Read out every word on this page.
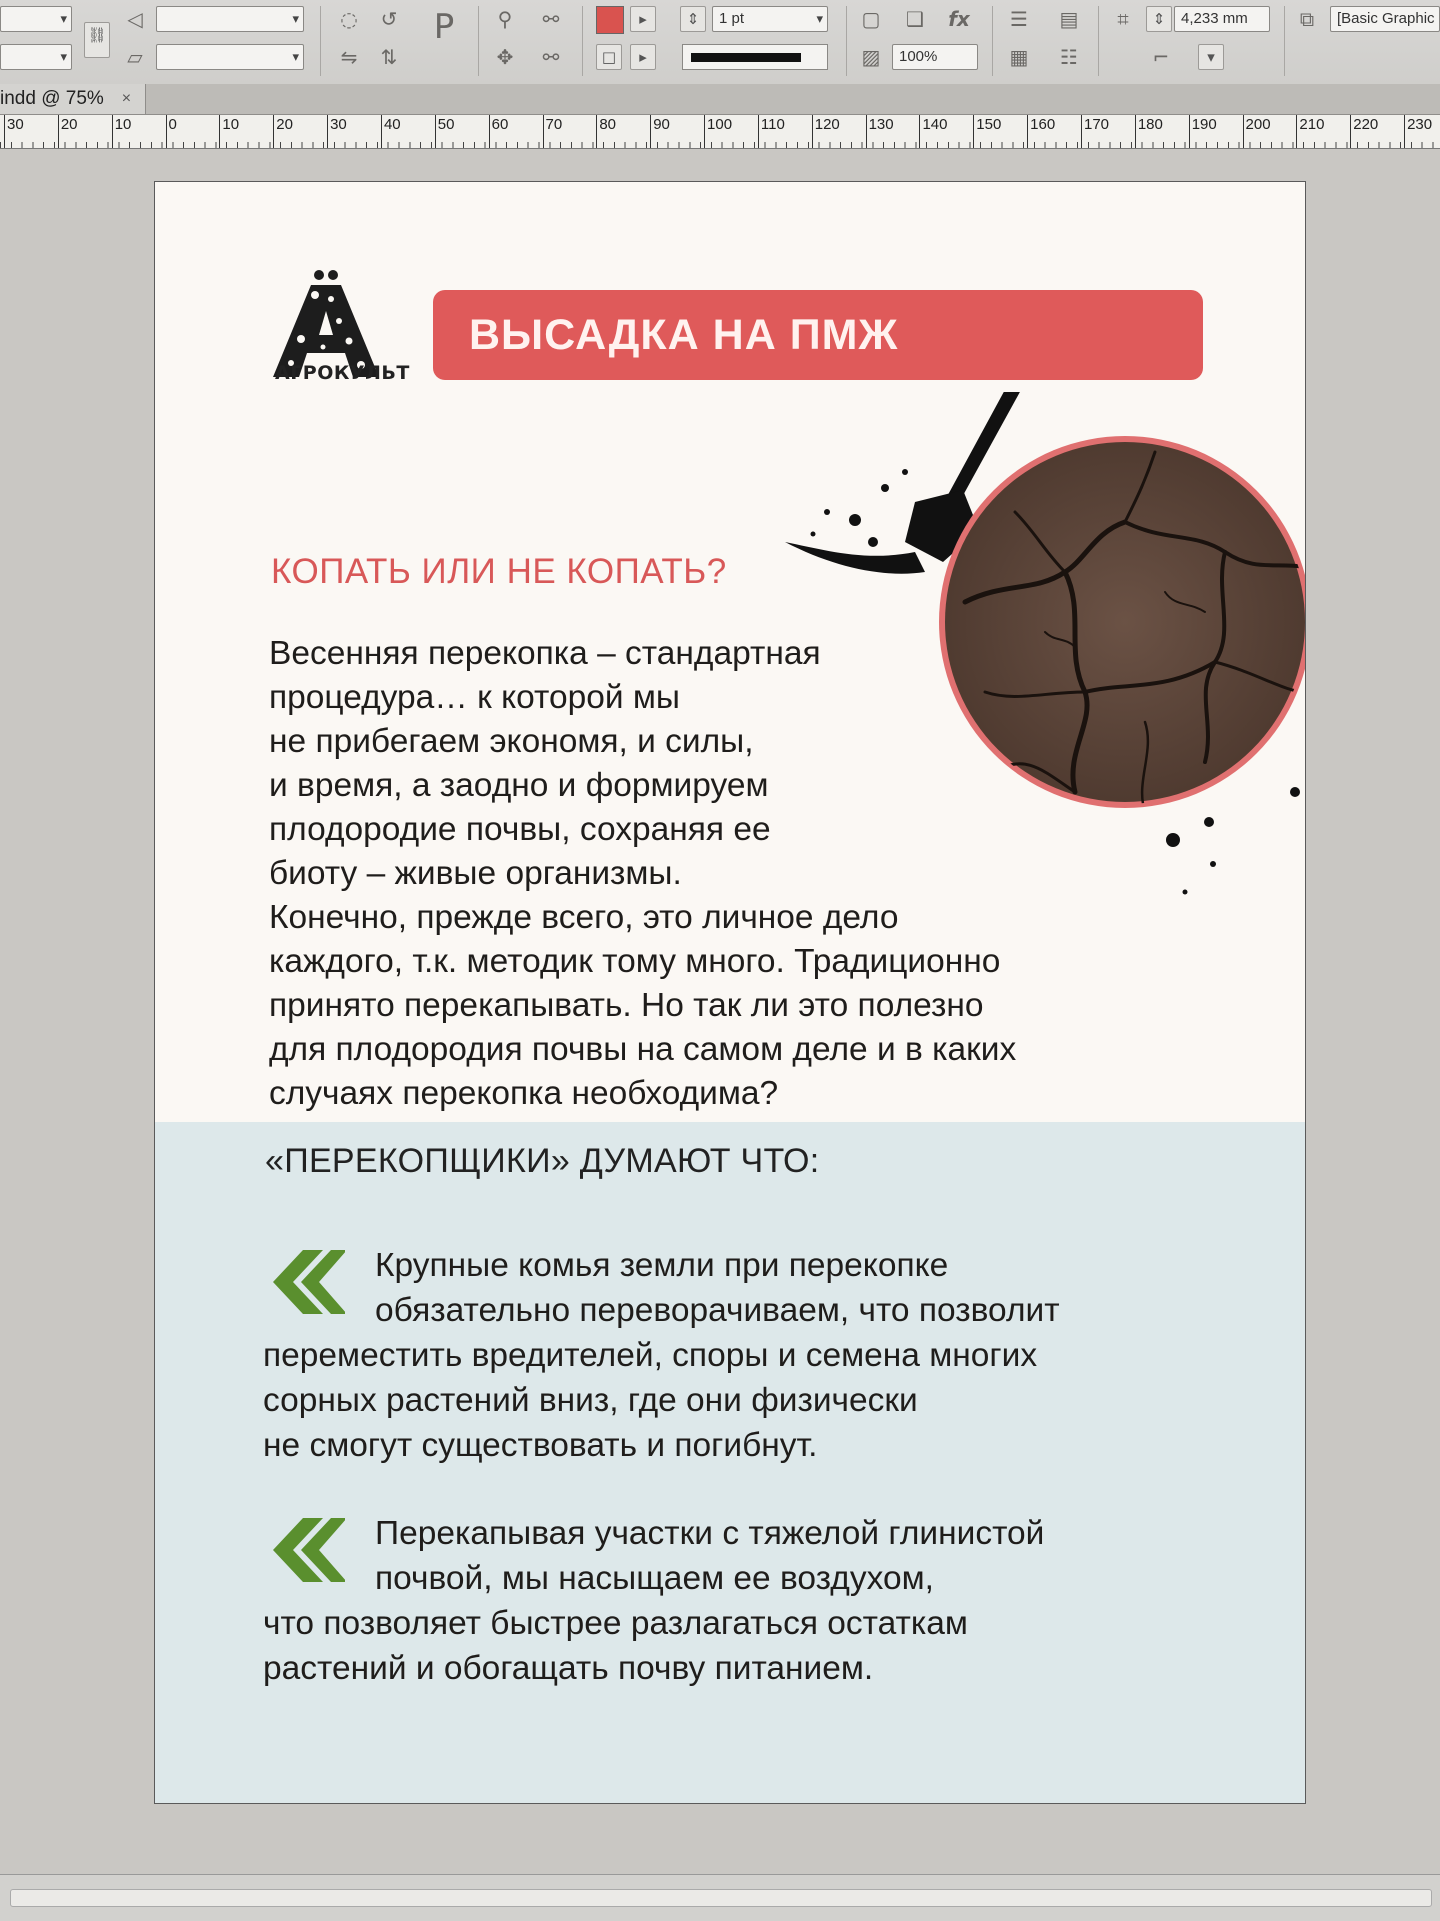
▾
▾
⛓
◁
▾
▱
▾
◌	↺ P
⇋	⇅
⚲	⚯
✥	⚯
▸
□	▸
⇕	1 pt ▾	▢	❑	fx
▨	100%
☰	▤
▦	☷
⌗	⇕	4,233 mm
⌐	▾
⧉	[Basic Graphic
indd @ 75% ×
30 20 10 0	10 20 30 40 50 60 70 80 90 100 110 120 130 140 150 160 170 180 190 200 210 220 230
АГРОКУЛЬТ
ВЫСАДКА НА ПМЖ
КОПАТЬ ИЛИ НЕ КОПАТЬ?
Весенняя перекопка – стандартная
процедура… к которой мы
не прибегаем экономя, и силы,
и время, а заодно и формируем
плодородие почвы, сохраняя ее
биоту – живые организмы.
Конечно, прежде всего, это личное дело
каждого, т.к. методик тому много. Традиционно
принято перекапывать. Но так ли это полезно
для плодородия почвы на самом деле и в каких
случаях перекопка необходима?
«ПЕРЕКОПЩИКИ» ДУМАЮТ ЧТО:
Крупные комья земли при перекопке
обязательно переворачиваем, что позволит
переместить вредителей, споры и семена многих
сорных растений вниз, где они физически
не смогут существовать и погибнут.
Перекапывая участки с тяжелой глинистой
почвой, мы насыщаем ее воздухом,
что позволяет быстрее разлагаться остаткам
растений и обогащать почву питанием.
